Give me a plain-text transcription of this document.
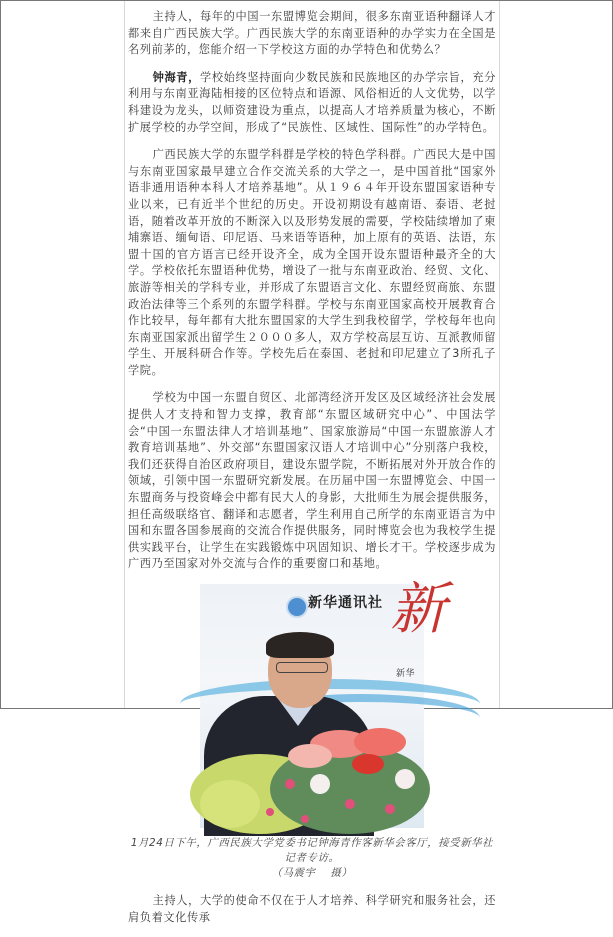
主持人，每年的中国一东盟博览会期间，很多东南亚语种翻译人才都来自广西民族大学。广西民族大学的东南亚语种的办学实力在全国是名列前茅的，您能介绍一下学校这方面的办学特色和优势么？

钟海青，学校始终坚持面向少数民族和民族地区的办学宗旨，充分利用与东南亚海陆相接的区位特点和语源、风俗相近的人文优势，以学科建设为龙头，以师资建设为重点，以提高人才培养质量为核心，不断扩展学校的办学空间，形成了“民族性、区域性、国际性”的办学特色。

广西民族大学的东盟学科群是学校的特色学科群。广西民大是中国与东南亚国家最早建立合作交流关系的大学之一，是中国首批“国家外语非通用语种本科人才培养基地”。从１９６４年开设东盟国家语种专业以来，已有近半个世纪的历史。开设初期设有越南语、泰语、老挝语，随着改革开放的不断深入以及形势发展的需要，学校陆续增加了柬埔寨语、缅甸语、印尼语、马来语等语种，加上原有的英语、法语，东盟十国的官方语言已经开设齐全，成为全国开设东盟语种最齐全的大学。学校依托东盟语种优势，增设了一批与东南亚政治、经贸、文化、旅游等相关的学科专业，并形成了东盟语言文化、东盟经贸商旅、东盟政治法律等三个系列的东盟学科群。学校与东南亚国家高校开展教育合作比较早，每年都有大批东盟国家的大学生到我校留学，学校每年也向东南亚国家派出留学生２０００多人，双方学校高层互访、互派教师留学生、开展科研合作等。学校先后在泰国、老挝和印尼建立了3所孔子学院。

学校为中国一东盟自贸区、北部湾经济开发区及区域经济社会发展提供人才支持和智力支撑，教育部“东盟区域研究中心”、中国法学会“中国一东盟法律人才培训基地”、国家旅游局“中国一东盟旅游人才教育培训基地”、外交部“东盟国家汉语人才培训中心”分别落户我校，我们还获得自治区政府项目，建设东盟学院，不断拓展对外开放合作的领域，引领中国一东盟研究新发展。在历届中国一东盟博览会、中国一东盟商务与投资峰会中都有民大人的身影，大批师生为展会提供服务，担任高级联络官、翻译和志愿者，学生利用自己所学的东南亚语言为中国和东盟各国参展商的交流合作提供服务，同时博览会也为我校学生提供实践平台，让学生在实践锻炼中巩固知识、增长才干。学校逐步成为广西乃至国家对外交流与合作的重要窗口和基地。

新华通讯社 新
新华
1月24日下午，广西民族大学党委书记钟海青作客新华会客厅，接受新华社记者专访。
（马震宇　 摄）

主持人，大学的使命不仅在于人才培养、科学研究和服务社会，还肩负着文化传承
